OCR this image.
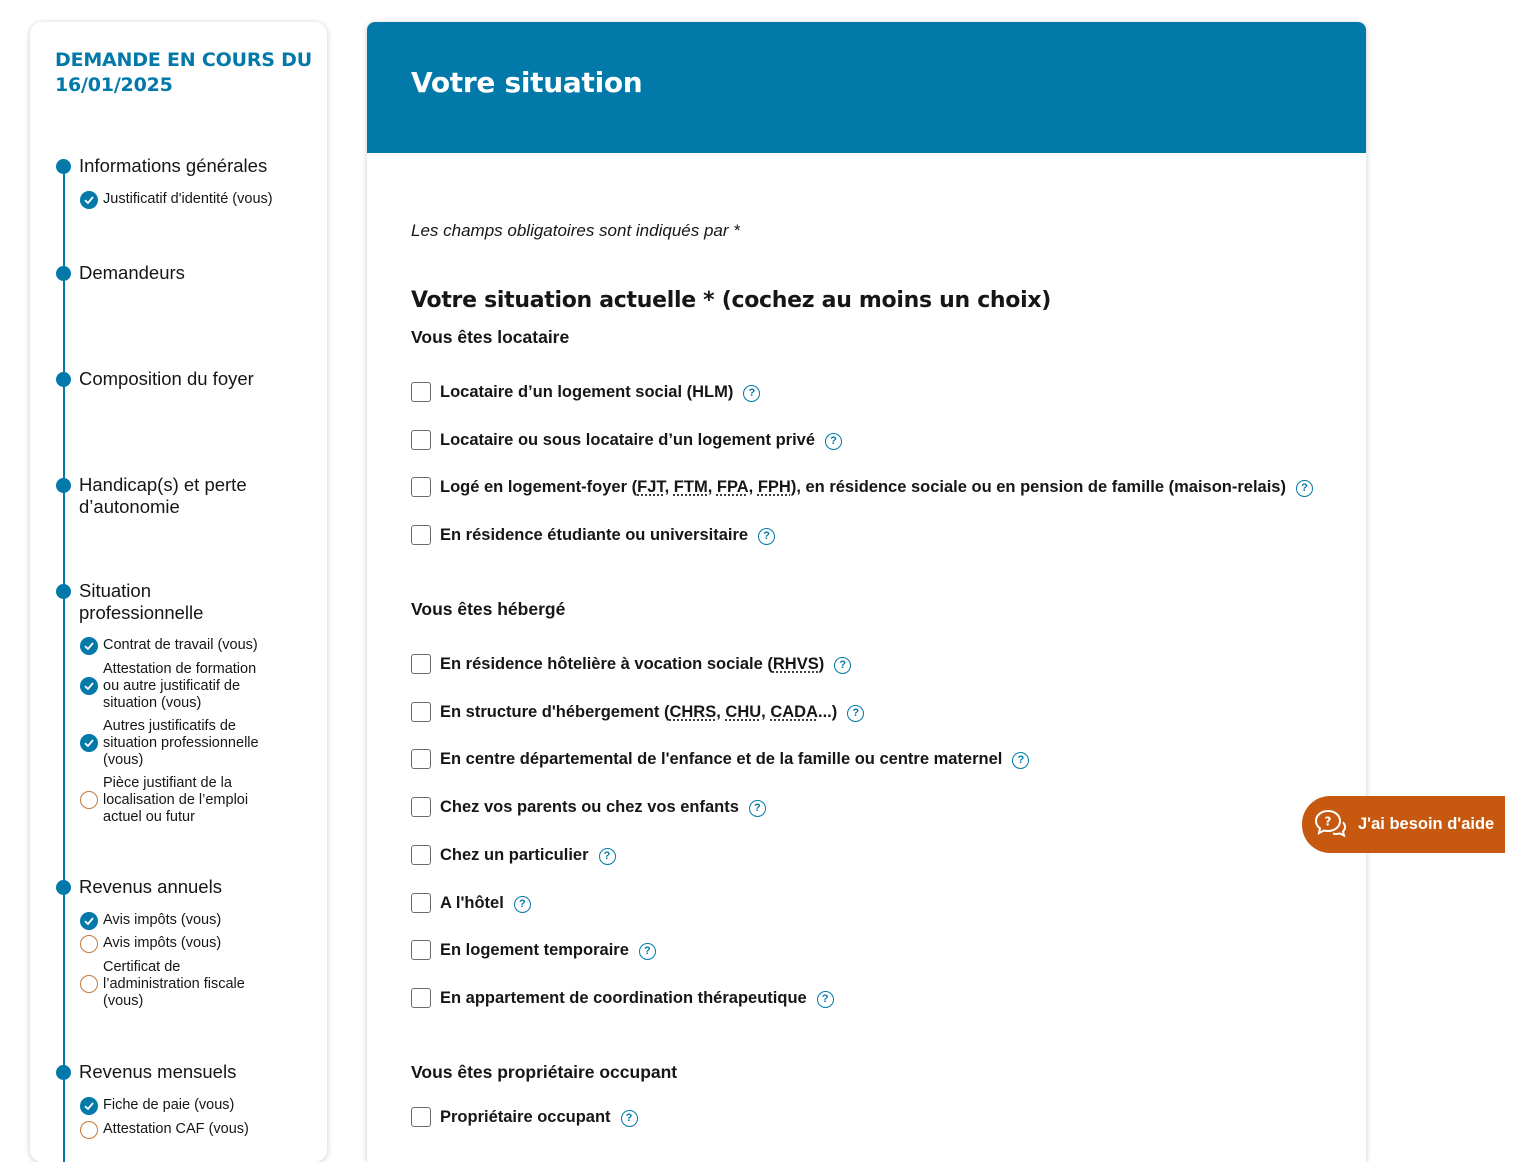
DEMANDE EN COURS DU 16/01/2025
Informations générales
Justificatif d'identité (vous)
Demandeurs
Composition du foyer
Handicap(s) et perte d’autonomie
Situation professionnelle
Contrat de travail (vous)
Attestation de formation ou autre justificatif de situation (vous)
Autres justificatifs de situation professionnelle (vous)
Pièce justifiant de la localisation de l’emploi actuel ou futur
Revenus annuels
Avis impôts (vous)
Avis impôts (vous)
Certificat de l’administration fiscale (vous)
Revenus mensuels
Fiche de paie (vous)
Attestation CAF (vous)
Votre situation
Les champs obligatoires sont indiqués par *
Votre situation actuelle * (cochez au moins un choix)
Vous êtes locataire
Locataire d’un logement social (HLM)	?
Locataire ou sous locataire d’un logement privé	?
Logé en logement-foyer (FJT, FTM, FPA, FPH), en résidence sociale ou en pension de famille (maison-relais)	?
En résidence étudiante ou universitaire	?
Vous êtes hébergé
En résidence hôtelière à vocation sociale (RHVS)	?
En structure d'hébergement (CHRS, CHU, CADA...)	?
En centre départemental de l'enfance et de la famille ou centre maternel	?
Chez vos parents ou chez vos enfants	?
Chez un particulier	?
A l'hôtel	?
En logement temporaire	?
En appartement de coordination thérapeutique	?
Vous êtes propriétaire occupant
Propriétaire occupant	?
? J'ai besoin d'aide
